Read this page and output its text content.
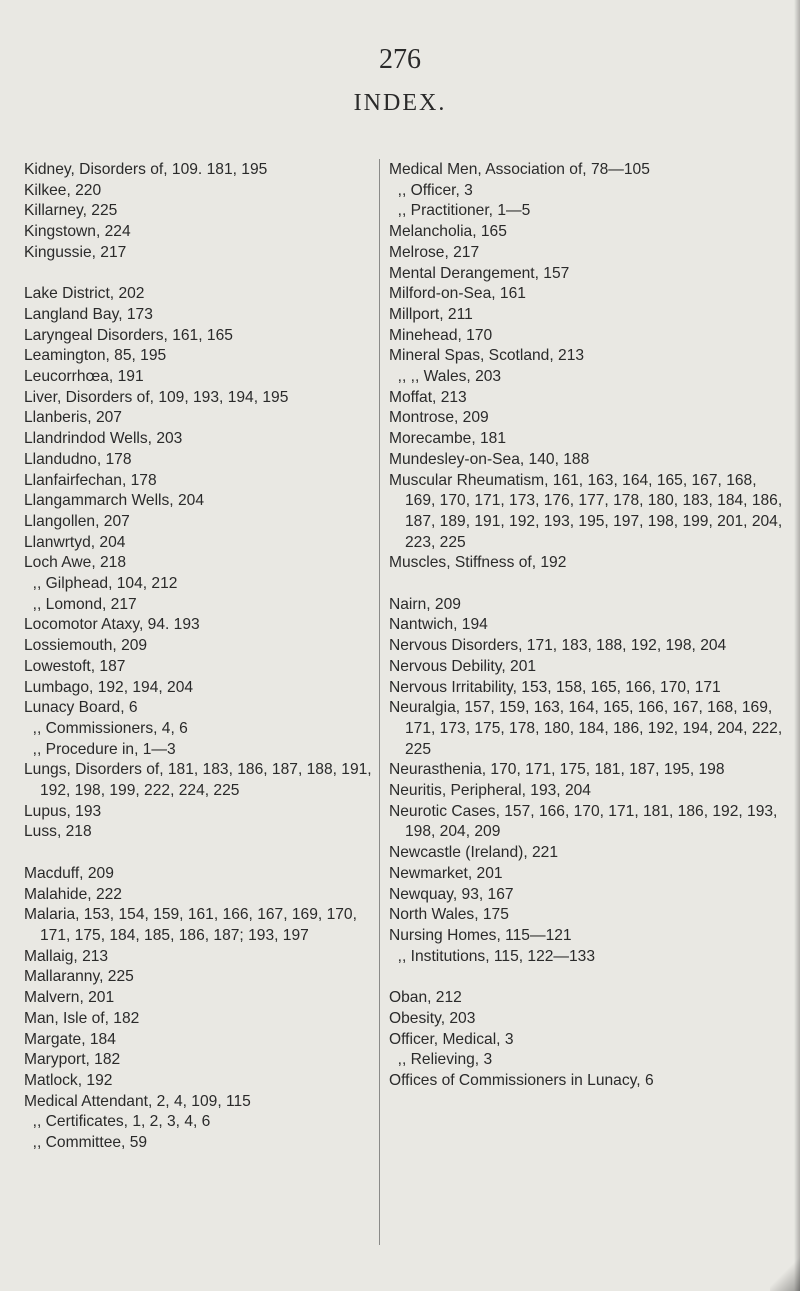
276
INDEX.

Kidney, Disorders of, 109. 181, 195

Kilkee, 220

Killarney, 225

Kingstown, 224

Kingussie, 217

Lake District, 202

Langland Bay, 173

Laryngeal Disorders, 161, 165

Leamington, 85, 195

Leucorrhœa, 191

Liver, Disorders of, 109, 193, 194, 195

Llanberis, 207

Llandrindod Wells, 203

Llandudno, 178

Llanfairfechan, 178

Llangammarch Wells, 204

Llangollen, 207

Llanwrtyd, 204

Loch Awe, 218

,, Gilphead, 104, 212

,, Lomond, 217

Locomotor Ataxy, 94. 193

Lossiemouth, 209

Lowestoft, 187

Lumbago, 192, 194, 204

Lunacy Board, 6

,, Commissioners, 4, 6

,, Procedure in, 1—3

Lungs, Disorders of, 181, 183, 186, 187, 188, 191, 192, 198, 199, 222, 224, 225

Lupus, 193

Luss, 218

Macduff, 209

Malahide, 222

Malaria, 153, 154, 159, 161, 166, 167, 169, 170, 171, 175, 184, 185, 186, 187; 193, 197

Mallaig, 213

Mallaranny, 225

Malvern, 201

Man, Isle of, 182

Margate, 184

Maryport, 182

Matlock, 192

Medical Attendant, 2, 4, 109, 115

,, Certificates, 1, 2, 3, 4, 6

,, Committee, 59

Medical Men, Association of, 78—105

,, Officer, 3

,, Practitioner, 1—5

Melancholia, 165

Melrose, 217

Mental Derangement, 157

Milford-on-Sea, 161

Millport, 211

Minehead, 170

Mineral Spas, Scotland, 213

,, ,, Wales, 203

Moffat, 213

Montrose, 209

Morecambe, 181

Mundesley-on-Sea, 140, 188

Muscular Rheumatism, 161, 163, 164, 165, 167, 168, 169, 170, 171, 173, 176, 177, 178, 180, 183, 184, 186, 187, 189, 191, 192, 193, 195, 197, 198, 199, 201, 204, 223, 225

Muscles, Stiffness of, 192

Nairn, 209

Nantwich, 194

Nervous Disorders, 171, 183, 188, 192, 198, 204

Nervous Debility, 201

Nervous Irritability, 153, 158, 165, 166, 170, 171

Neuralgia, 157, 159, 163, 164, 165, 166, 167, 168, 169, 171, 173, 175, 178, 180, 184, 186, 192, 194, 204, 222, 225

Neurasthenia, 170, 171, 175, 181, 187, 195, 198

Neuritis, Peripheral, 193, 204

Neurotic Cases, 157, 166, 170, 171, 181, 186, 192, 193, 198, 204, 209

Newcastle (Ireland), 221

Newmarket, 201

Newquay, 93, 167

North Wales, 175

Nursing Homes, 115—121

,, Institutions, 115, 122—133

Oban, 212

Obesity, 203

Officer, Medical, 3

,, Relieving, 3

Offices of Commissioners in Lunacy, 6
